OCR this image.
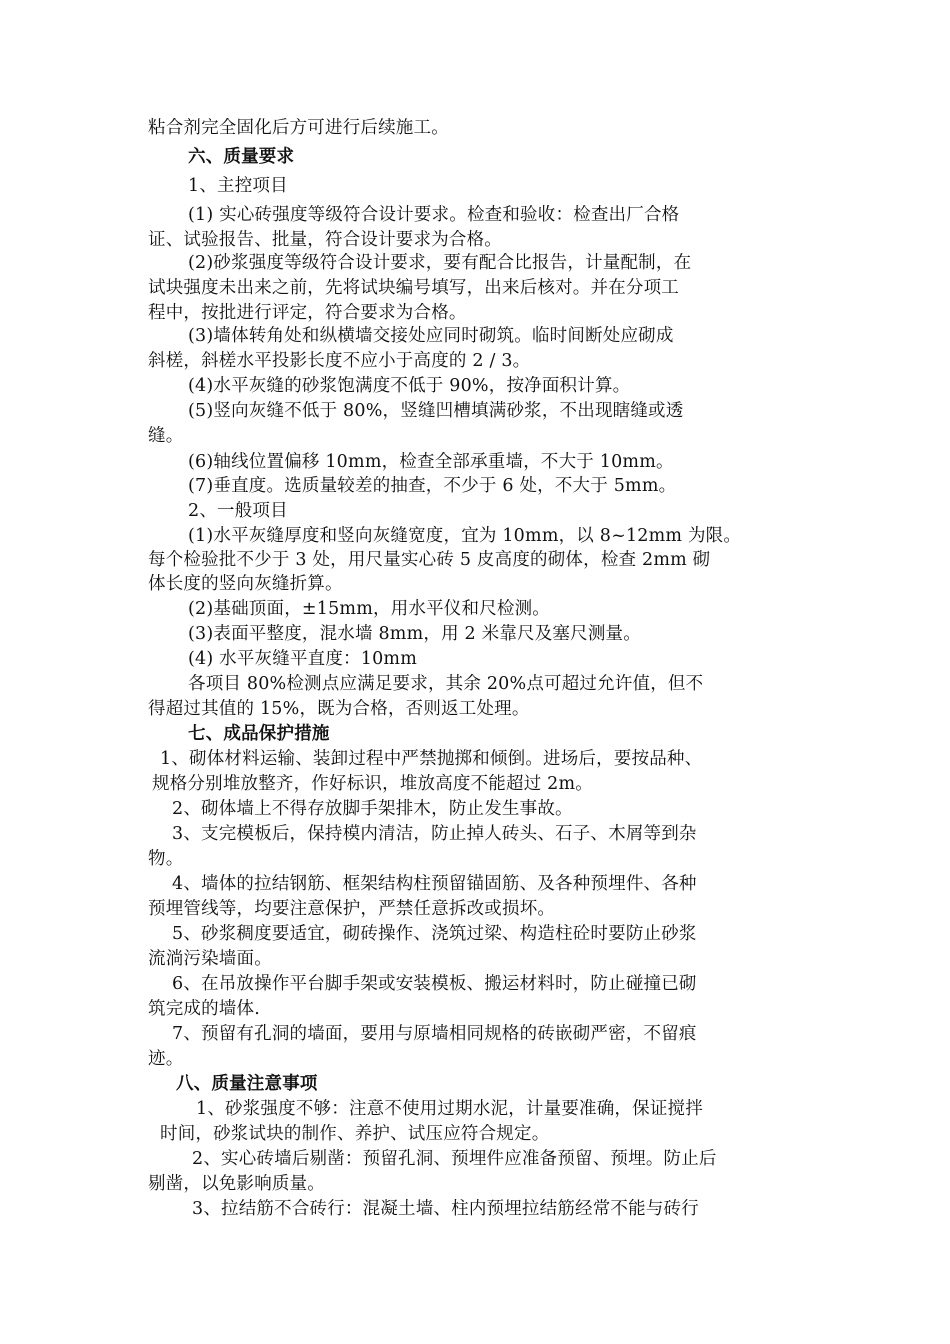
粘合剂完全固化后方可进行后续施工。
六、质量要求
1、主控项目
(1) 实心砖强度等级符合设计要求。检查和验收：检查出厂合格
证、试验报告、批量，符合设计要求为合格。
(2)砂浆强度等级符合设计要求，要有配合比报告，计量配制，在
试块强度未出来之前，先将试块编号填写，出来后核对。并在分项工
程中，按批进行评定，符合要求为合格。
(3)墙体转角处和纵横墙交接处应同时砌筑。临时间断处应砌成
斜槎，斜槎水平投影长度不应小于高度的 2 / 3。
(4)水平灰缝的砂浆饱满度不低于 90%，按净面积计算。
(5)竖向灰缝不低于 80%，竖缝凹槽填满砂浆，不出现瞎缝或透
缝。
(6)轴线位置偏移 10mm，检查全部承重墙，不大于 10mm。
(7)垂直度。选质量较差的抽查，不少于 6 处，不大于 5mm。
2、一般项目
(1)水平灰缝厚度和竖向灰缝宽度，宜为 10mm，以 8~12mm 为限。
每个检验批不少于 3 处，用尺量实心砖 5 皮高度的砌体，检查 2mm 砌
体长度的竖向灰缝折算。
(2)基础顶面，±15mm，用水平仪和尺检测。
(3)表面平整度，混水墙 8mm，用 2 米靠尺及塞尺测量。
(4) 水平灰缝平直度：10mm
各项目 80%检测点应满足要求，其余 20%点可超过允许值，但不
得超过其值的 15%，既为合格，否则返工处理。
七、成品保护措施
1、砌体材料运输、装卸过程中严禁抛掷和倾倒。进场后，要按品种、
规格分别堆放整齐，作好标识，堆放高度不能超过 2m。
2、砌体墙上不得存放脚手架排木，防止发生事故。
3、支完模板后，保持模内清洁，防止掉人砖头、石子、木屑等到杂
物。
4、墙体的拉结钢筋、框架结构柱预留锚固筋、及各种预埋件、各种
预埋管线等，均要注意保护，严禁任意拆改或损坏。
5、砂浆稠度要适宜，砌砖操作、浇筑过梁、构造柱砼时要防止砂浆
流淌污染墙面。
6、在吊放操作平台脚手架或安装模板、搬运材料时，防止碰撞已砌
筑完成的墙体.
7、预留有孔洞的墙面，要用与原墙相同规格的砖嵌砌严密，不留痕
迹。
八、质量注意事项
1、砂浆强度不够：注意不使用过期水泥，计量要准确，保证搅拌
时间，砂浆试块的制作、养护、试压应符合规定。
2、实心砖墙后剔凿：预留孔洞、预埋件应准备预留、预埋。防止后
剔凿，以免影响质量。
3、拉结筋不合砖行：混凝土墙、柱内预埋拉结筋经常不能与砖行
